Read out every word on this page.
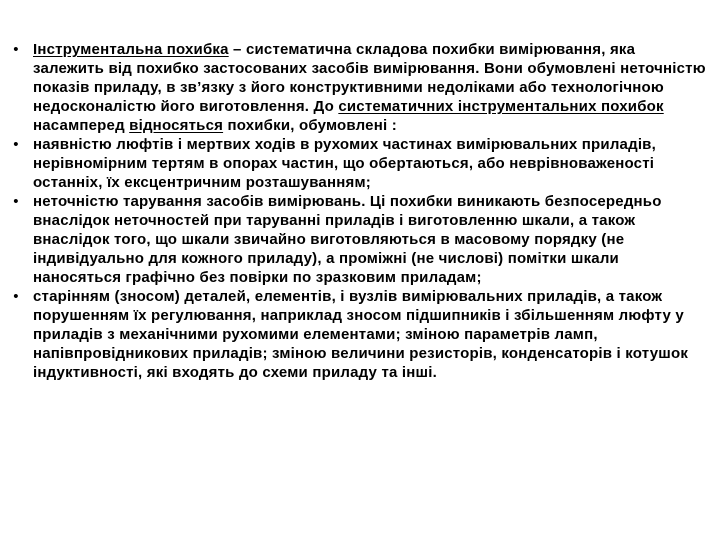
• Інструментальна похибка – систематична складова похибки вимірювання, яка залежить від похибко застосованих засобів вимірювання. Вони обумовлені неточністю показів приладу, в зв’язку з його конструктивними недоліками або технологічною недосконалістю його виготовлення. До систематичних інструментальних похибок насамперед відносяться похибки, обумовлені :
• наявністю люфтів і мертвих ходів в рухомих частинах вимірювальних приладів, нерівномірним тертям в опорах частин, що обертаються, або неврівноваженості останніх, їх ексцентричним розташуванням;
• неточністю тарування засобів вимірювань. Ці похибки виникають безпосередньо внаслідок неточностей при таруванні приладів і виготовленню шкали, а також внаслідок того, що шкали звичайно виготовляються в масовому порядку (не індивідуально для кожного приладу), а проміжні (не числові) помітки шкали наносяться графічно без повірки по зразковим приладам;
• старінням (зносом) деталей, елементів, і вузлів вимірювальних приладів, а також порушенням їх регулювання, наприклад зносом підшипників і збільшенням люфту у приладів з механічними рухомими елементами; зміною параметрів ламп, напівпровідникових приладів; зміною величини резисторів, конденсаторів і котушок індуктивності, які входять до схеми приладу та інші.
